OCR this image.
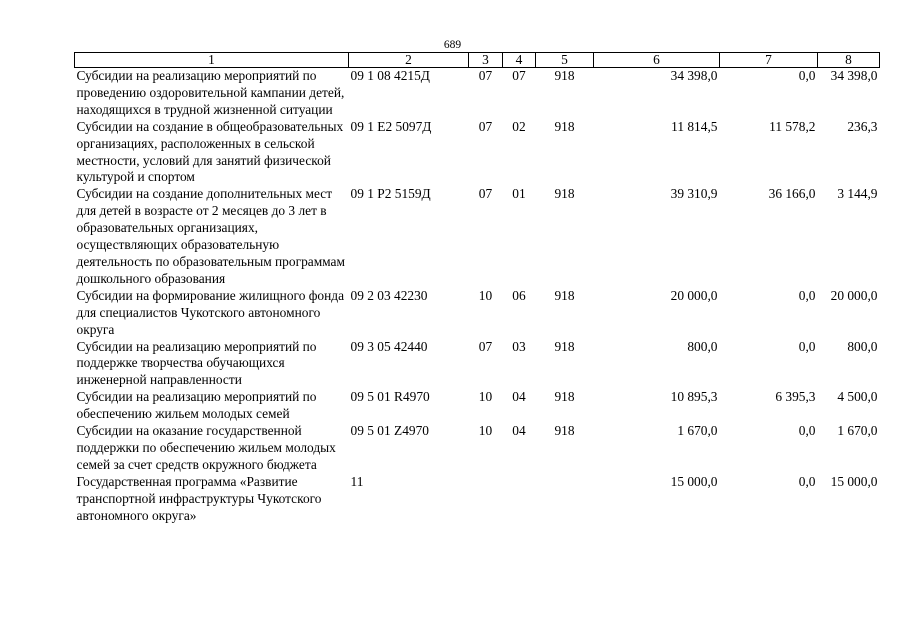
689
1	2	3	4	5	6	7	8
Субсидии на реализацию мероприятий по проведению оздоровительной кампании детей, находящихся в трудной жизненной ситуации	09 1 08 4215Д	07	07	918	34 398,0	0,0	34 398,0
Субсидии на создание в общеобразовательных организациях, расположенных в сельской местности, условий для занятий физической культурой и спортом	09 1 E2 5097Д	07	02	918	11 814,5	11 578,2	236,3
Субсидии на создание дополнительных мест для детей в возрасте от 2 месяцев до 3 лет в образовательных организациях, осуществляющих образовательную деятельность по образовательным программам дошкольного образования	09 1 P2 5159Д	07	01	918	39 310,9	36 166,0	3 144,9
Субсидии на формирование жилищного фонда для специалистов Чукотского автономного округа	09 2 03 42230	10	06	918	20 000,0	0,0	20 000,0
Субсидии на реализацию мероприятий по поддержке творчества обучающихся инженерной направленности	09 3 05 42440	07	03	918	800,0	0,0	800,0
Субсидии на реализацию мероприятий по обеспечению жильем молодых семей	09 5 01 R4970	10	04	918	10 895,3	6 395,3	4 500,0
Субсидии на оказание государственной поддержки по обеспечению жильем молодых семей за счет средств окружного бюджета	09 5 01 Z4970	10	04	918	1 670,0	0,0	1 670,0
Государственная программа «Развитие транспортной инфраструктуры Чукотского автономного округа»	11				15 000,0	0,0	15 000,0
